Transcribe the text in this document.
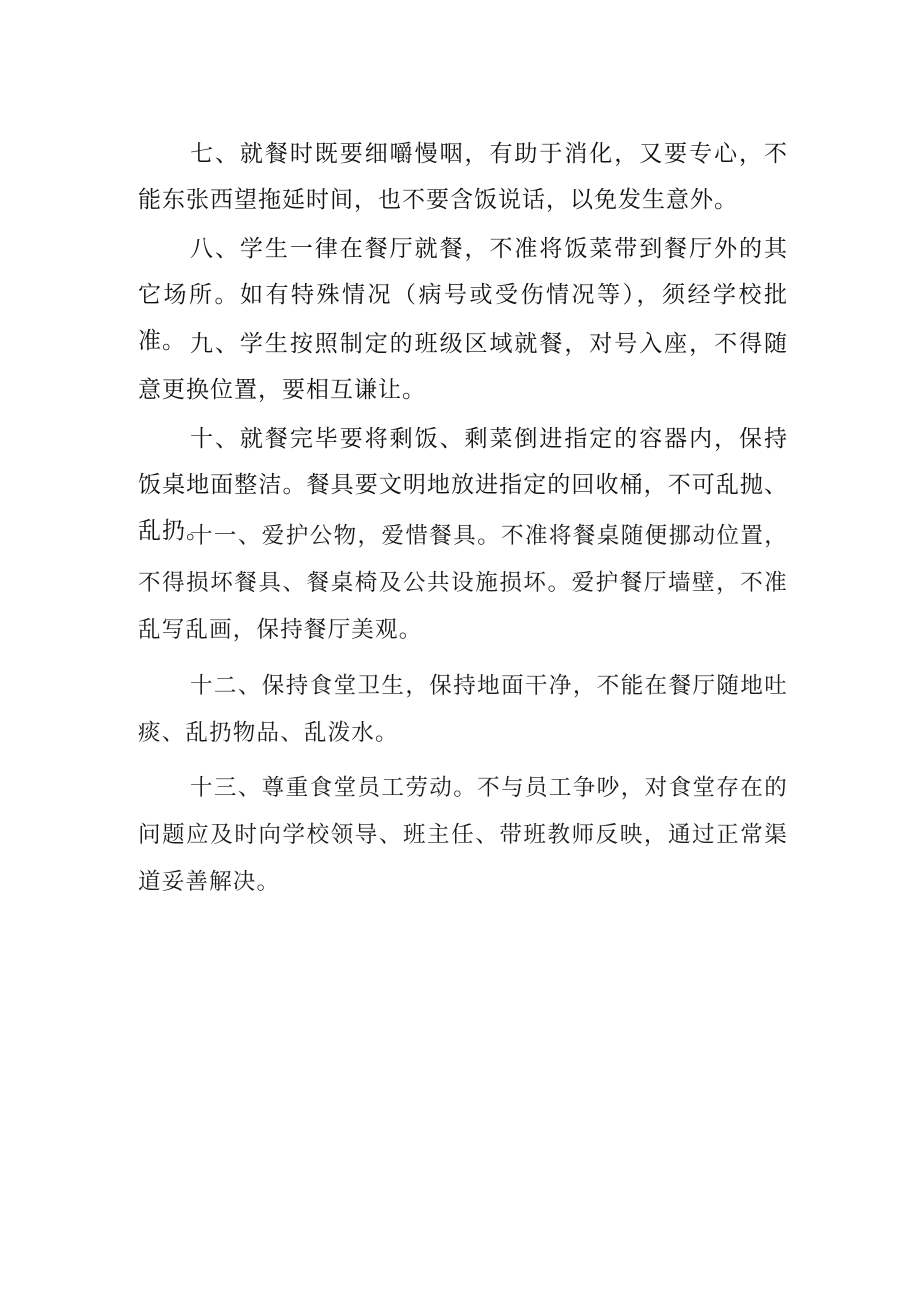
七、就餐时既要细嚼慢咽，有助于消化，又要专心，不能东张西望拖延时间，也不要含饭说话，以免发生意外。

八、学生一律在餐厅就餐，不准将饭菜带到餐厅外的其它场所。如有特殊情况（病号或受伤情况等），须经学校批准。 九、学生按照制定的班级区域就餐，对号入座，不得随意更换位置，要相互谦让。

十、就餐完毕要将剩饭、剩菜倒进指定的容器内，保持饭桌地面整洁。餐具要文明地放进指定的回收桶，不可乱抛、乱扔。

十一、爱护公物，爱惜餐具。不准将餐桌随便挪动位置，不得损坏餐具、餐桌椅及公共设施损坏。爱护餐厅墙壁，不准乱写乱画，保持餐厅美观。

十二、保持食堂卫生，保持地面干净，不能在餐厅随地吐痰、乱扔物品、乱泼水。

十三、尊重食堂员工劳动。不与员工争吵，对食堂存在的问题应及时向学校领导、班主任、带班教师反映，通过正常渠道妥善解决。
